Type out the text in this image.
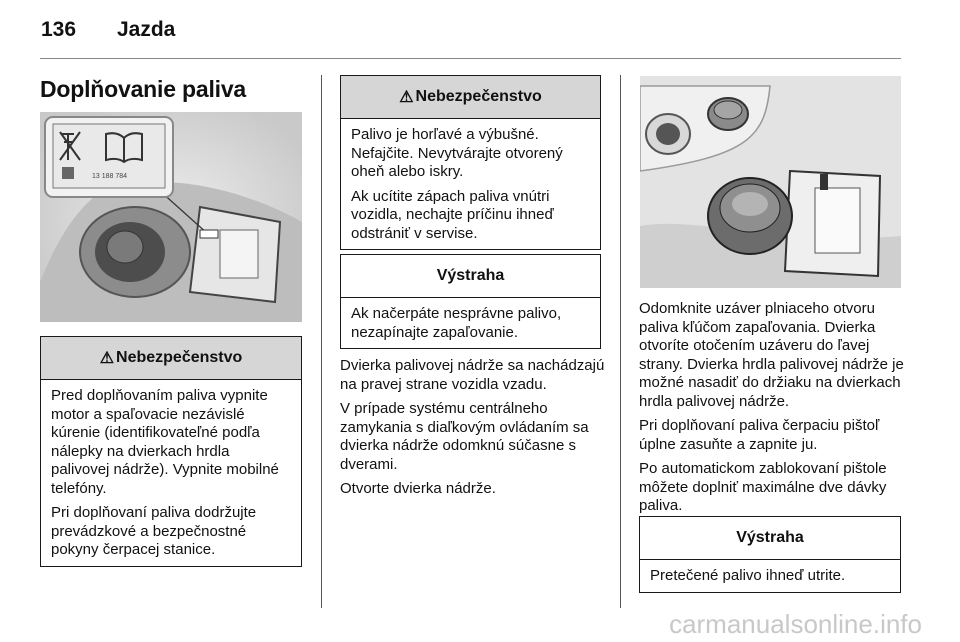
136 Jazda
Doplňovanie paliva
13 188 784
⚠ Nebezpečenstvo

Pred doplňovaním paliva vypnite motor a spaľovacie nezávislé kúrenie (identifikovateľné podľa nálepky na dvierkach hrdla palivovej nádrže). Vypnite mobilné telefóny.

Pri doplňovaní paliva dodržujte prevádzkové a bezpečnostné pokyny čerpacej stanice.

⚠ Nebezpečenstvo

Palivo je horľavé a výbušné. Nefajčite. Nevytvárajte otvorený oheň alebo iskry.

Ak ucítite zápach paliva vnútri vozidla, nechajte príčinu ihneď odstrániť v servise.

Výstraha

Ak načerpáte nesprávne palivo, nezapínajte zapaľovanie.

Dvierka palivovej nádrže sa nachádzajú na pravej strane vozidla vzadu.

V prípade systému centrálneho zamykania s diaľkovým ovládaním sa dvierka nádrže odomknú súčasne s dverami.

Otvorte dvierka nádrže.

Odomknite uzáver plniaceho otvoru paliva kľúčom zapaľovania. Dvierka otvoríte otočením uzáveru do ľavej strany. Dvierka hrdla palivovej nádrže je možné nasadiť do držiaku na dvierkach hrdla palivovej nádrže.

Pri doplňovaní paliva čerpaciu pištoľ úplne zasuňte a zapnite ju.

Po automatickom zablokovaní pištole môžete doplniť maximálne dve dávky paliva.

Výstraha

Pretečené palivo ihneď utrite.

carmanualsonline.info
